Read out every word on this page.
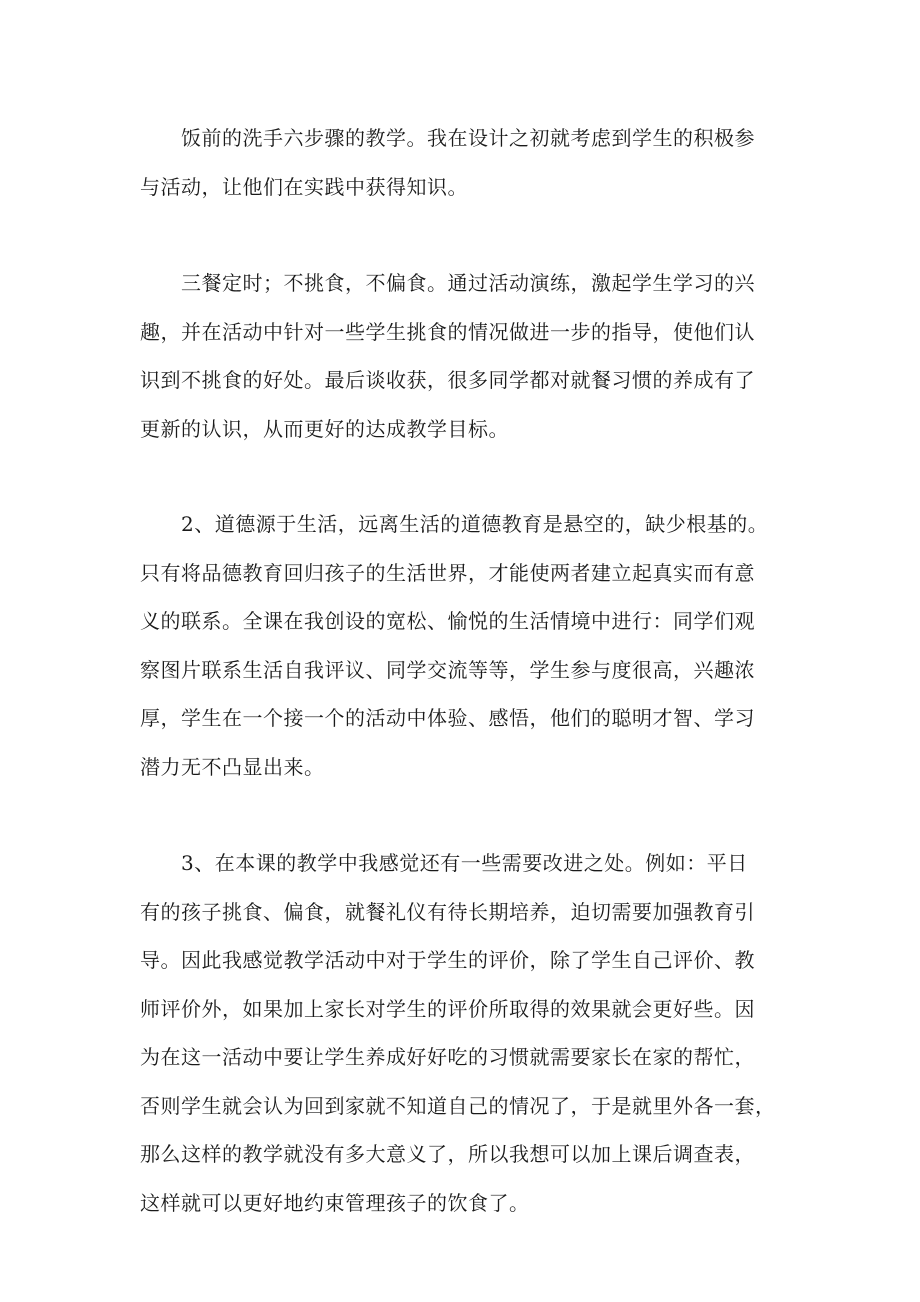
饭前的洗手六步骤的教学。我在设计之初就考虑到学生的积极参
与活动，让他们在实践中获得知识。

三餐定时；不挑食，不偏食。通过活动演练，激起学生学习的兴
趣，并在活动中针对一些学生挑食的情况做进一步的指导，使他们认
识到不挑食的好处。最后谈收获，很多同学都对就餐习惯的养成有了
更新的认识，从而更好的达成教学目标。

2、道德源于生活，远离生活的道德教育是悬空的，缺少根基的。
只有将品德教育回归孩子的生活世界，才能使两者建立起真实而有意
义的联系。全课在我创设的宽松、愉悦的生活情境中进行：同学们观
察图片联系生活自我评议、同学交流等等，学生参与度很高，兴趣浓
厚，学生在一个接一个的活动中体验、感悟，他们的聪明才智、学习
潜力无不凸显出来。

3、在本课的教学中我感觉还有一些需要改进之处。例如：平日
有的孩子挑食、偏食，就餐礼仪有待长期培养，迫切需要加强教育引
导。因此我感觉教学活动中对于学生的评价，除了学生自己评价、教
师评价外，如果加上家长对学生的评价所取得的效果就会更好些。因
为在这一活动中要让学生养成好好吃的习惯就需要家长在家的帮忙，
否则学生就会认为回到家就不知道自己的情况了，于是就里外各一套，
那么这样的教学就没有多大意义了，所以我想可以加上课后调查表，
这样就可以更好地约束管理孩子的饮食了。
